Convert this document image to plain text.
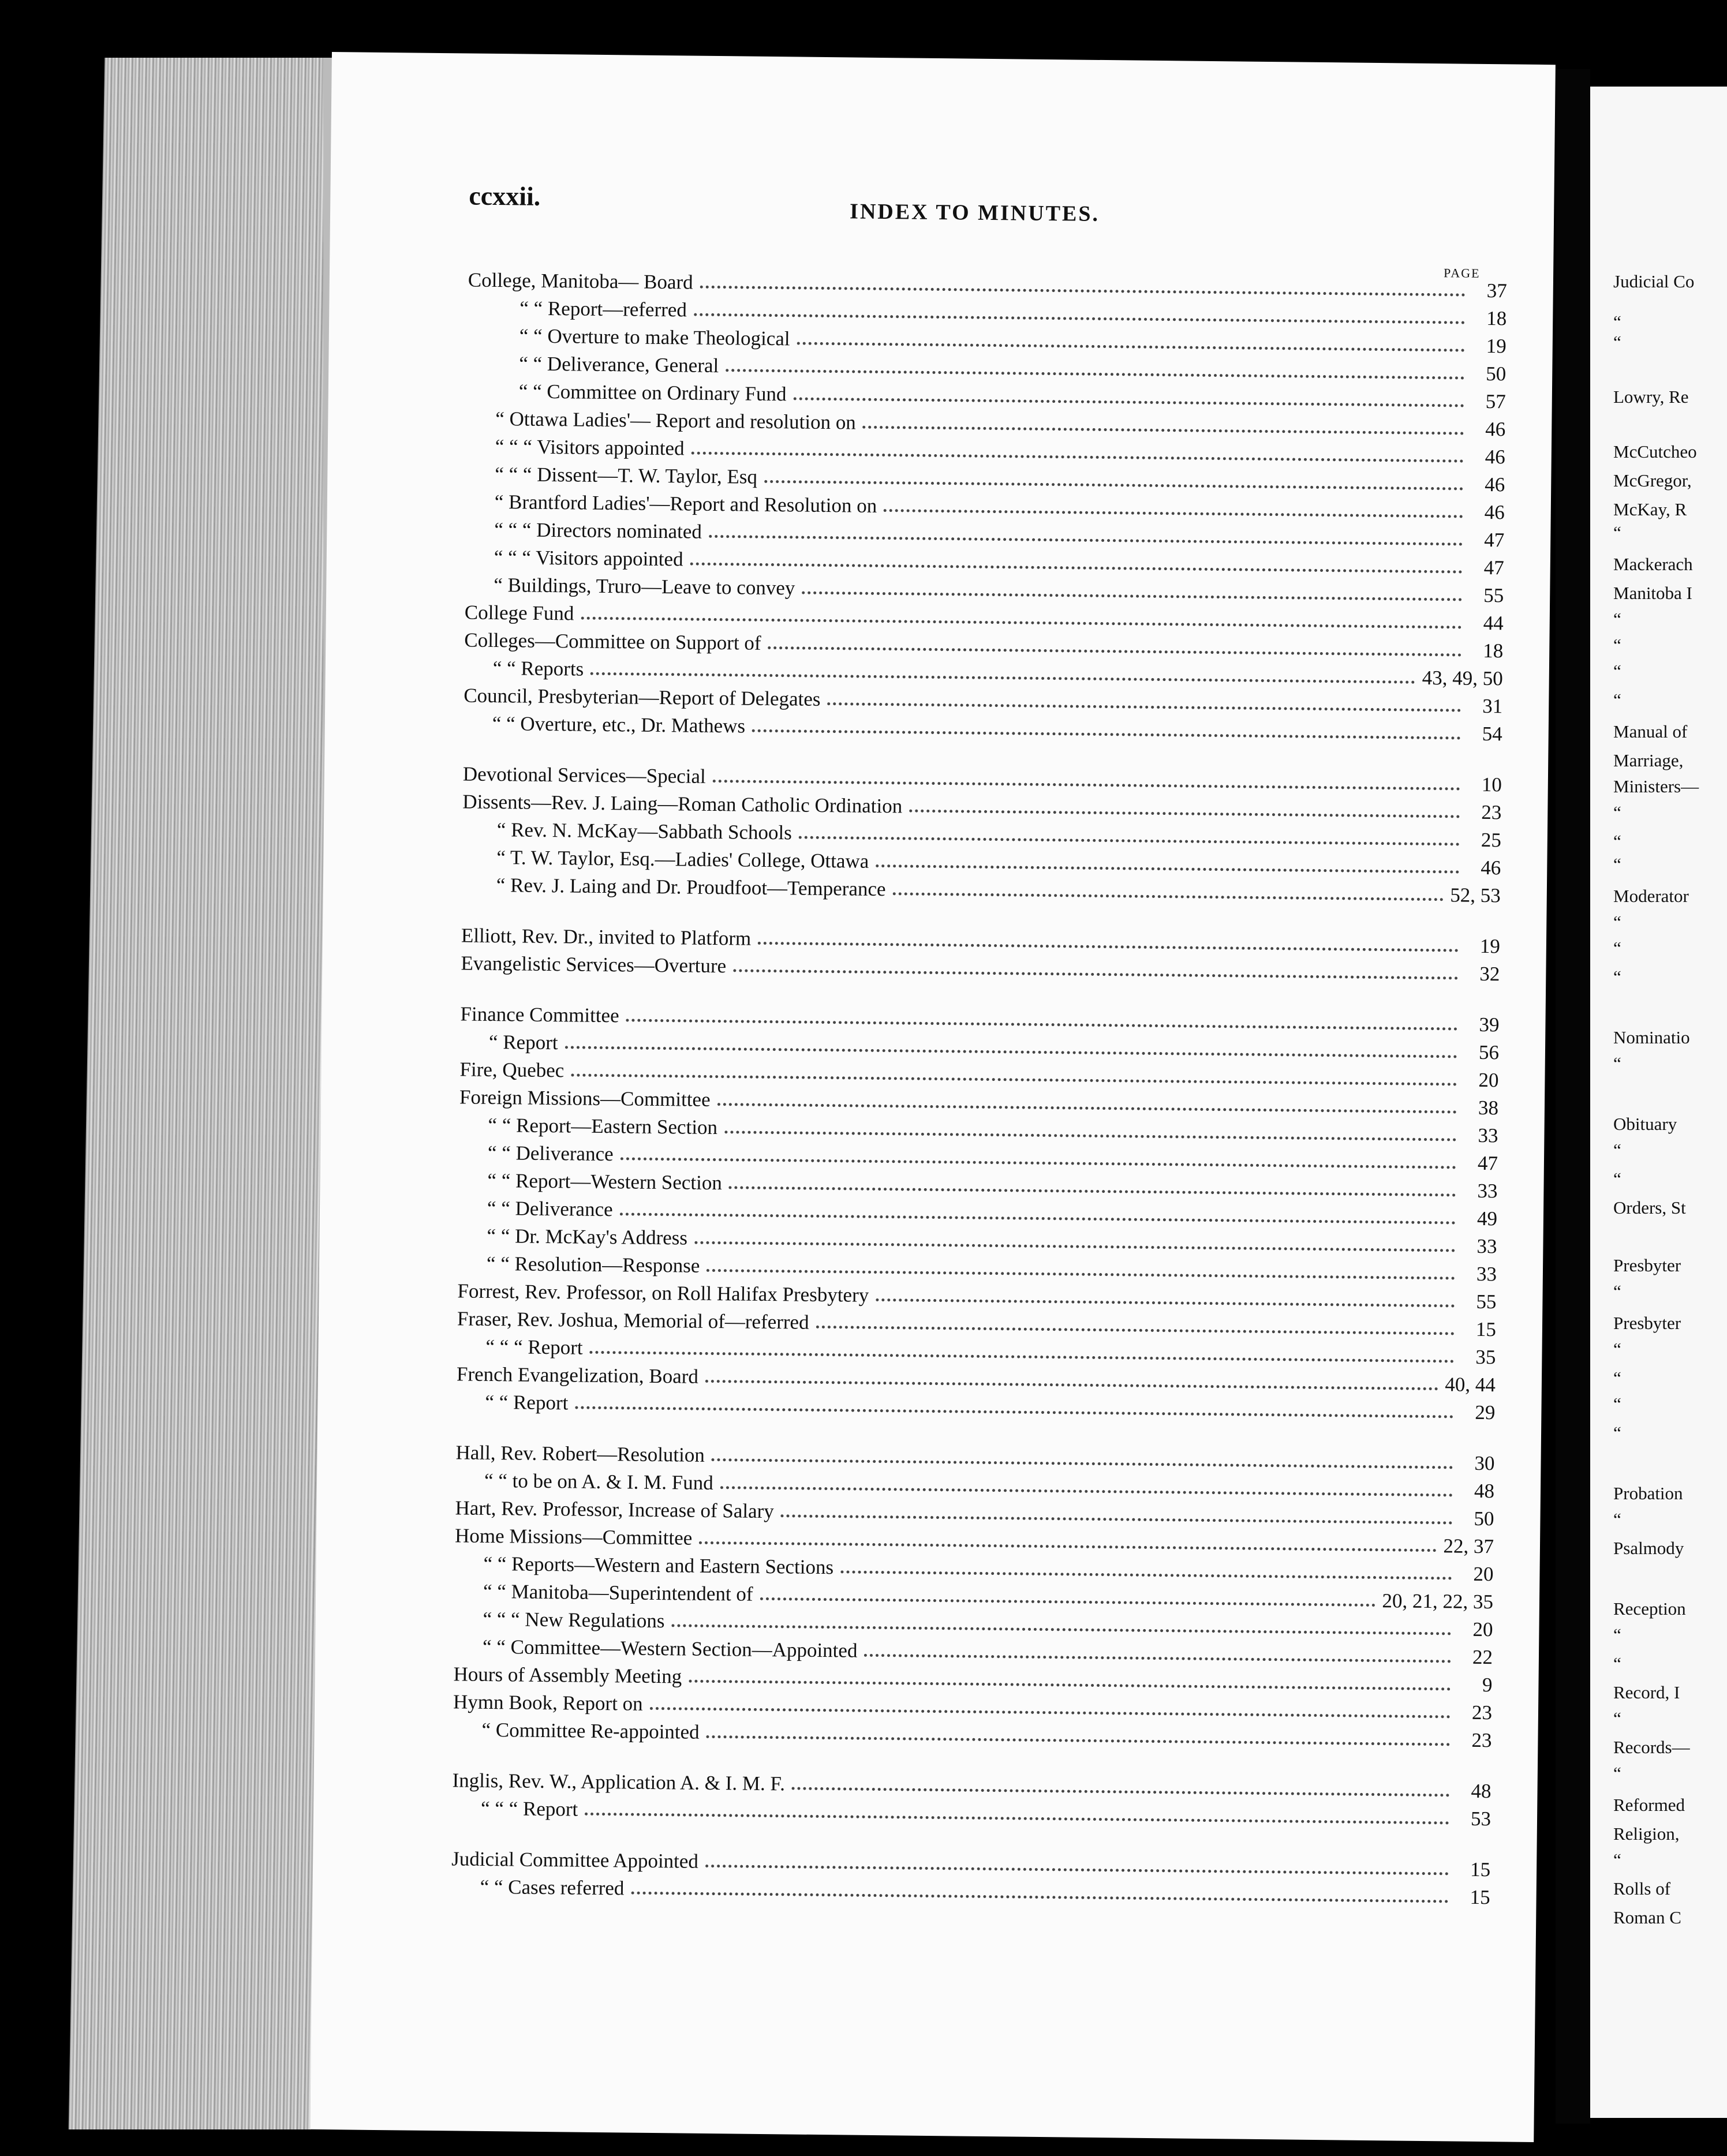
ccxxii.
INDEX TO MINUTES.
PAGE
College, Manitoba— Board	37
“ “ Report—referred	18
“ “ Overture to make Theological	19
“ “ Deliverance, General	50
“ “ Committee on Ordinary Fund	57
“ Ottawa Ladies'— Report and resolution on	46
“ “ “ Visitors appointed	46
“ “ “ Dissent—T. W. Taylor, Esq	46
“ Brantford Ladies'—Report and Resolution on	46
“ “ “ Directors nominated	47
“ “ “ Visitors appointed	47
“ Buildings, Truro—Leave to convey	55
College Fund	44
Colleges—Committee on Support of	18
“ “ Reports	43, 49, 50
Council, Presbyterian—Report of Delegates	31
“ “ Overture, etc., Dr. Mathews	54
Devotional Services—Special	10
Dissents—Rev. J. Laing—Roman Catholic Ordination	23
“ Rev. N. McKay—Sabbath Schools	25
“ T. W. Taylor, Esq.—Ladies' College, Ottawa	46
“ Rev. J. Laing and Dr. Proudfoot—Temperance	52, 53
Elliott, Rev. Dr., invited to Platform	19
Evangelistic Services—Overture	32
Finance Committee	39
“ Report	56
Fire, Quebec	20
Foreign Missions—Committee	38
“ “ Report—Eastern Section	33
“ “ Deliverance	47
“ “ Report—Western Section	33
“ “ Deliverance	49
“ “ Dr. McKay's Address	33
“ “ Resolution—Response	33
Forrest, Rev. Professor, on Roll Halifax Presbytery	55
Fraser, Rev. Joshua, Memorial of—referred	15
“ “ “ Report	35
French Evangelization, Board	40, 44
“ “ Report	29
Hall, Rev. Robert—Resolution	30
“ “ to be on A. & I. M. Fund	48
Hart, Rev. Professor, Increase of Salary	50
Home Missions—Committee	22, 37
“ “ Reports—Western and Eastern Sections	20
“ “ Manitoba—Superintendent of	20, 21, 22, 35
“ “ “ New Regulations	20
“ “ Committee—Western Section—Appointed	22
Hours of Assembly Meeting	9
Hymn Book, Report on	23
“ Committee Re-appointed	23
Inglis, Rev. W., Application A. & I. M. F.	48
“ “ “ Report	53
Judicial Committee Appointed	15
“ “ Cases referred	15
Judicial Co
“
“
Lowry, Re
McCutcheo
McGregor,
McKay, R
“
Mackerach
Manitoba I
“
“
“
“
Manual of
Marriage,
Ministers—
“
“
“
Moderator
“
“
“
Nominatio
“
Obituary
“
“
Orders, St
Presbyter
“
Presbyter
“
“
“
“
Probation
“
Psalmody
Reception
“
“
Record, I
“
Records—
“
Reformed
Religion,
“
Rolls of
Roman C
